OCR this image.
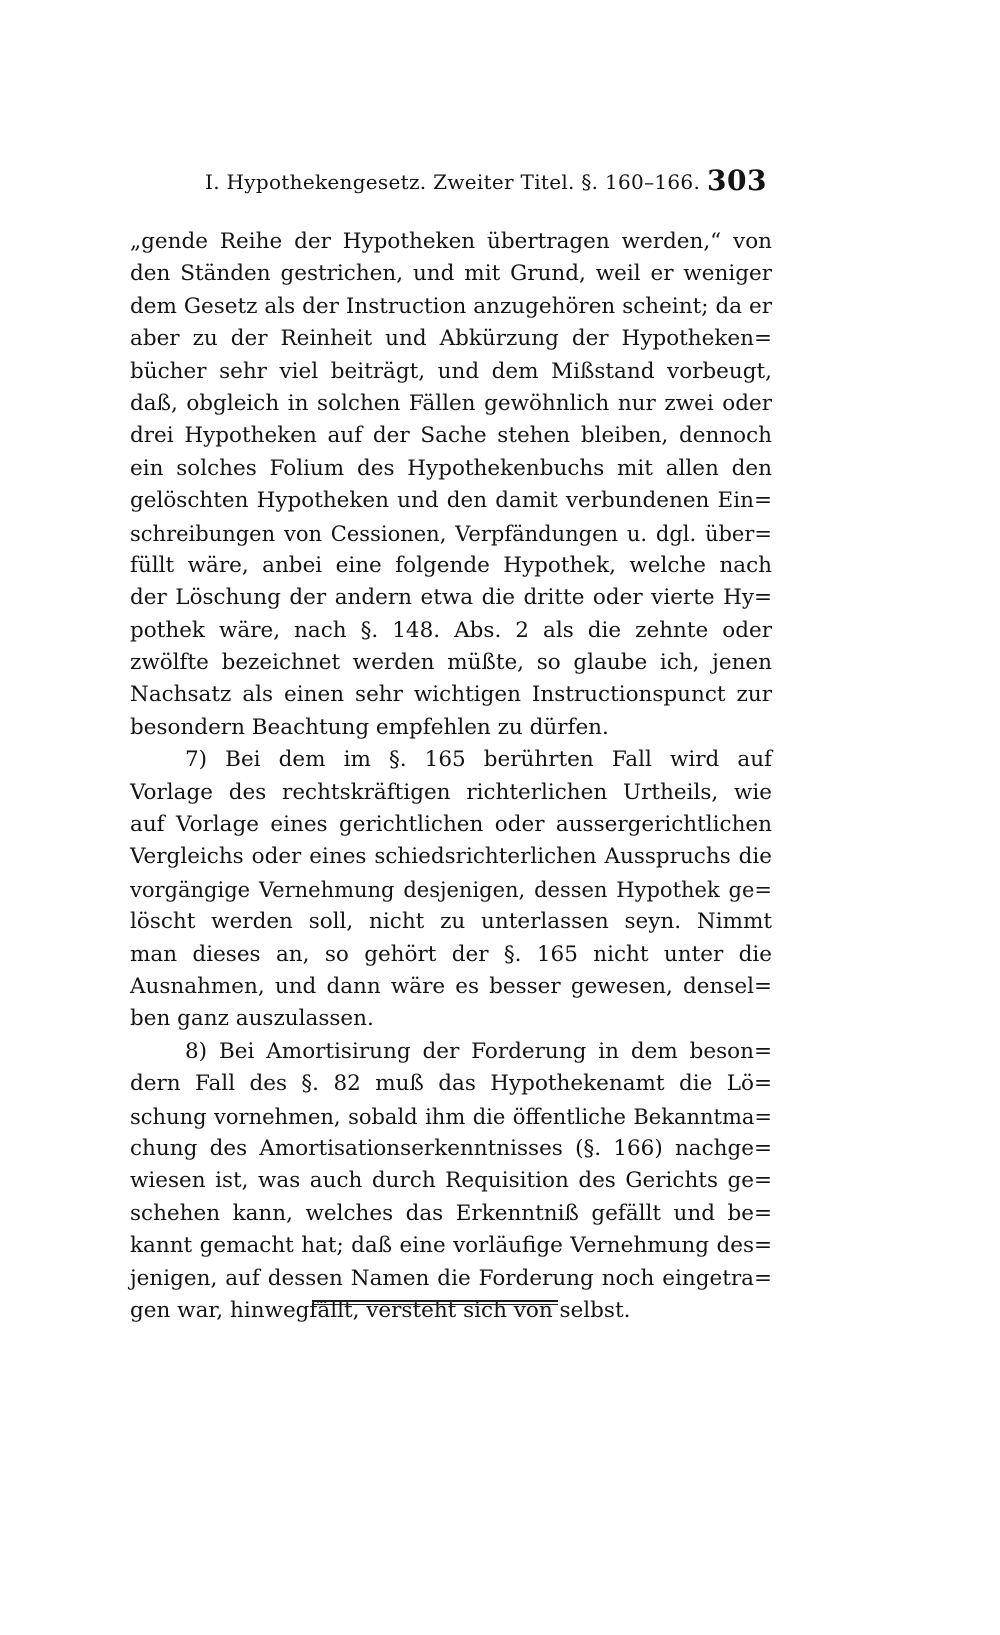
I. Hypothekengesetz. Zweiter Titel. §. 160–166. 303
„gende Reihe der Hypotheken übertragen werden,“ von
den Ständen gestrichen, und mit Grund, weil er weniger
dem Gesetz als der Instruction anzugehören scheint; da er
aber zu der Reinheit und Abkürzung der Hypotheken=
bücher sehr viel beiträgt, und dem Mißstand vorbeugt,
daß, obgleich in solchen Fällen gewöhnlich nur zwei oder
drei Hypotheken auf der Sache stehen bleiben, dennoch
ein solches Folium des Hypothekenbuchs mit allen den
gelöschten Hypotheken und den damit verbundenen Ein=
schreibungen von Cessionen, Verpfändungen u. dgl. über=
füllt wäre, anbei eine folgende Hypothek, welche nach
der Löschung der andern etwa die dritte oder vierte Hy=
pothek wäre, nach §. 148. Abs. 2 als die zehnte oder
zwölfte bezeichnet werden müßte, so glaube ich, jenen
Nachsatz als einen sehr wichtigen Instructionspunct zur
besondern Beachtung empfehlen zu dürfen.
7) Bei dem im §. 165 berührten Fall wird auf
Vorlage des rechtskräftigen richterlichen Urtheils, wie
auf Vorlage eines gerichtlichen oder aussergerichtlichen
Vergleichs oder eines schiedsrichterlichen Ausspruchs die
vorgängige Vernehmung desjenigen, dessen Hypothek ge=
löscht werden soll, nicht zu unterlassen seyn. Nimmt
man dieses an, so gehört der §. 165 nicht unter die
Ausnahmen, und dann wäre es besser gewesen, densel=
ben ganz auszulassen.
8) Bei Amortisirung der Forderung in dem beson=
dern Fall des §. 82 muß das Hypothekenamt die Lö=
schung vornehmen, sobald ihm die öffentliche Bekanntma=
chung des Amortisationserkenntnisses (§. 166) nachge=
wiesen ist, was auch durch Requisition des Gerichts ge=
schehen kann, welches das Erkenntniß gefällt und be=
kannt gemacht hat; daß eine vorläufige Vernehmung des=
jenigen, auf dessen Namen die Forderung noch eingetra=
gen war, hinwegfällt, versteht sich von selbst.
